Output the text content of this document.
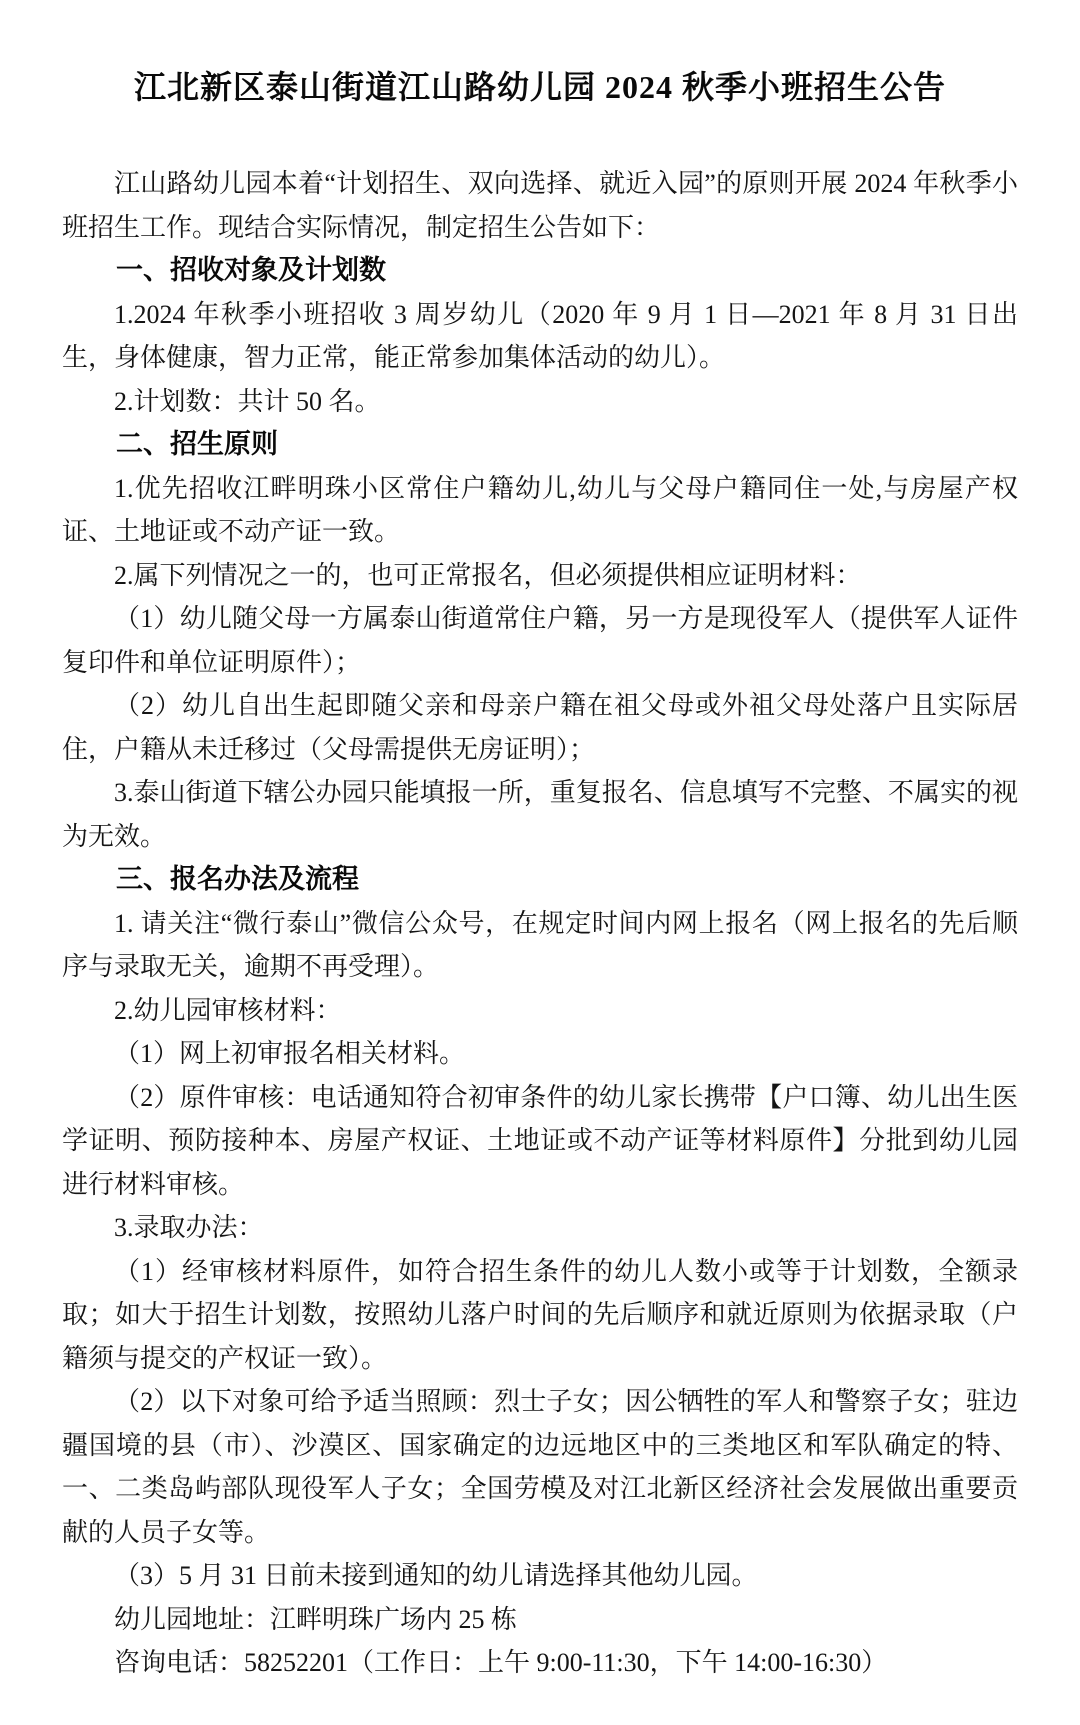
江北新区泰山街道江山路幼儿园 2024 秋季小班招生公告

江山路幼儿园本着“计划招生、双向选择、就近入园”的原则开展 2024 年秋季小班招生工作。现结合实际情况，制定招生公告如下：

一、招收对象及计划数

1.2024 年秋季小班招收 3 周岁幼儿（2020 年 9 月 1 日—2021 年 8 月 31 日出生，身体健康，智力正常，能正常参加集体活动的幼儿）。

2.计划数：共计 50 名。

二、招生原则

1.优先招收江畔明珠小区常住户籍幼儿,幼儿与父母户籍同住一处,与房屋产权证、土地证或不动产证一致。

2.属下列情况之一的，也可正常报名，但必须提供相应证明材料：

（1）幼儿随父母一方属泰山街道常住户籍，另一方是现役军人（提供军人证件复印件和单位证明原件）；

（2）幼儿自出生起即随父亲和母亲户籍在祖父母或外祖父母处落户且实际居住，户籍从未迁移过（父母需提供无房证明）；

3.泰山街道下辖公办园只能填报一所，重复报名、信息填写不完整、不属实的视为无效。

三、报名办法及流程

1. 请关注“微行泰山”微信公众号，在规定时间内网上报名（网上报名的先后顺序与录取无关，逾期不再受理）。

2.幼儿园审核材料：

（1）网上初审报名相关材料。

（2）原件审核：电话通知符合初审条件的幼儿家长携带【户口簿、幼儿出生医学证明、预防接种本、房屋产权证、土地证或不动产证等材料原件】分批到幼儿园进行材料审核。

3.录取办法：

（1）经审核材料原件，如符合招生条件的幼儿人数小或等于计划数，全额录取；如大于招生计划数，按照幼儿落户时间的先后顺序和就近原则为依据录取（户籍须与提交的产权证一致）。

（2）以下对象可给予适当照顾：烈士子女；因公牺牲的军人和警察子女；驻边疆国境的县（市）、沙漠区、国家确定的边远地区中的三类地区和军队确定的特、一、二类岛屿部队现役军人子女；全国劳模及对江北新区经济社会发展做出重要贡献的人员子女等。

（3）5 月 31 日前未接到通知的幼儿请选择其他幼儿园。

幼儿园地址：江畔明珠广场内 25 栋

咨询电话：58252201（工作日：上午 9:00-11:30，下午 14:00-16:30）
